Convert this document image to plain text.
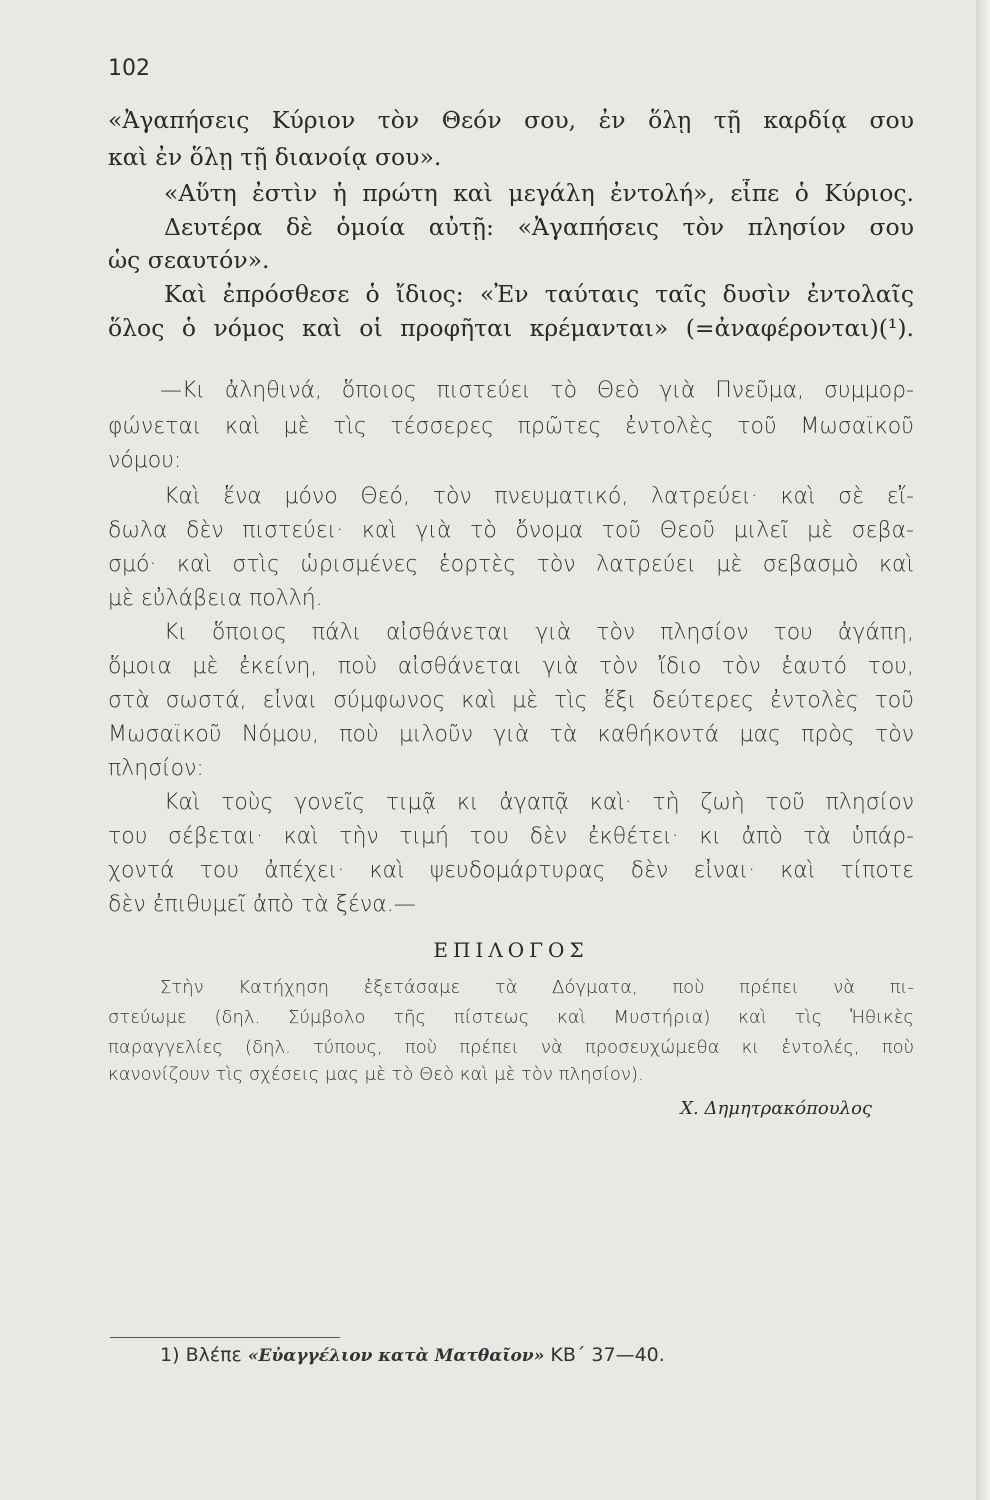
102
«Ἀγαπήσεις Κύριον τὸν Θεόν σου, ἐν ὅλῃ τῇ καρδίᾳ σου
καὶ ἐν ὅλῃ τῇ διανοίᾳ σου».
«Αὕτη ἐστὶν ἡ πρώτη καὶ μεγάλη ἐντολή», εἶπε ὁ Κύριος.
Δευτέρα δὲ ὁμοία αὐτῇ: «Ἀγαπήσεις τὸν πλησίον σου
ὡς σεαυτόν».
Καὶ ἐπρόσθεσε ὁ ἴδιος: «Ἐν ταύταις ταῖς δυσὶν ἐντολαῖς
ὅλος ὁ νόμος καὶ οἱ προφῆται κρέμανται» (=ἀναφέρονται)(¹).
—Κι ἀληθινά, ὅποιος πιστεύει τὸ Θεὸ γιὰ Πνεῦμα, συμμορ-
φώνεται καὶ μὲ τὶς τέσσερες πρῶτες ἐντολὲς τοῦ Μωσαϊκοῦ
νόμου:
Καὶ ἕνα μόνο Θεό, τὸν πνευματικό, λατρεύει· καὶ σὲ εἴ-
δωλα δὲν πιστεύει· καὶ γιὰ τὸ ὄνομα τοῦ Θεοῦ μιλεῖ μὲ σεβα-
σμό· καὶ στὶς ὡρισμένες ἑορτὲς τὸν λατρεύει μὲ σεβασμὸ καὶ
μὲ εὐλάβεια πολλή.
Κι ὅποιος πάλι αἰσθάνεται γιὰ τὸν πλησίον του ἀγάπη,
ὅμοια μὲ ἐκείνη, ποὺ αἰσθάνεται γιὰ τὸν ἴδιο τὸν ἑαυτό του,
στὰ σωστά, εἶναι σύμφωνος καὶ μὲ τὶς ἕξι δεύτερες ἐντολὲς τοῦ
Μωσαϊκοῦ Νόμου, ποὺ μιλοῦν γιὰ τὰ καθήκοντά μας πρὸς τὸν
πλησίον:
Καὶ τοὺς γονεῖς τιμᾷ κι ἀγαπᾷ καὶ· τὴ ζωὴ τοῦ πλησίον
του σέβεται· καὶ τὴν τιμή του δὲν ἐκθέτει· κι ἀπὸ τὰ ὑπάρ-
χοντά του ἀπέχει· καὶ ψευδομάρτυρας δὲν εἶναι· καὶ τίποτε
δὲν ἐπιθυμεῖ ἀπὸ τὰ ξένα.—
ΕΠΙΛΟΓΟΣ
Στὴν Κατήχηση ἐξετάσαμε τὰ Δόγματα, ποὺ πρέπει νὰ πι-
στεύωμε (δηλ. Σύμβολο τῆς πίστεως καὶ Μυστήρια) καὶ τὶς Ἠθικὲς
παραγγελίες (δηλ. τύπους, ποὺ πρέπει νὰ προσευχώμεθα κι ἐντολές, ποὺ
κανονίζουν τὶς σχέσεις μας μὲ τὸ Θεὸ καὶ μὲ τὸν πλησίον).
Χ. Δημητρακόπουλος
1) Βλέπε «Εὐαγγέλιον κατὰ Ματθαῖον» ΚΒ΄ 37—40.
